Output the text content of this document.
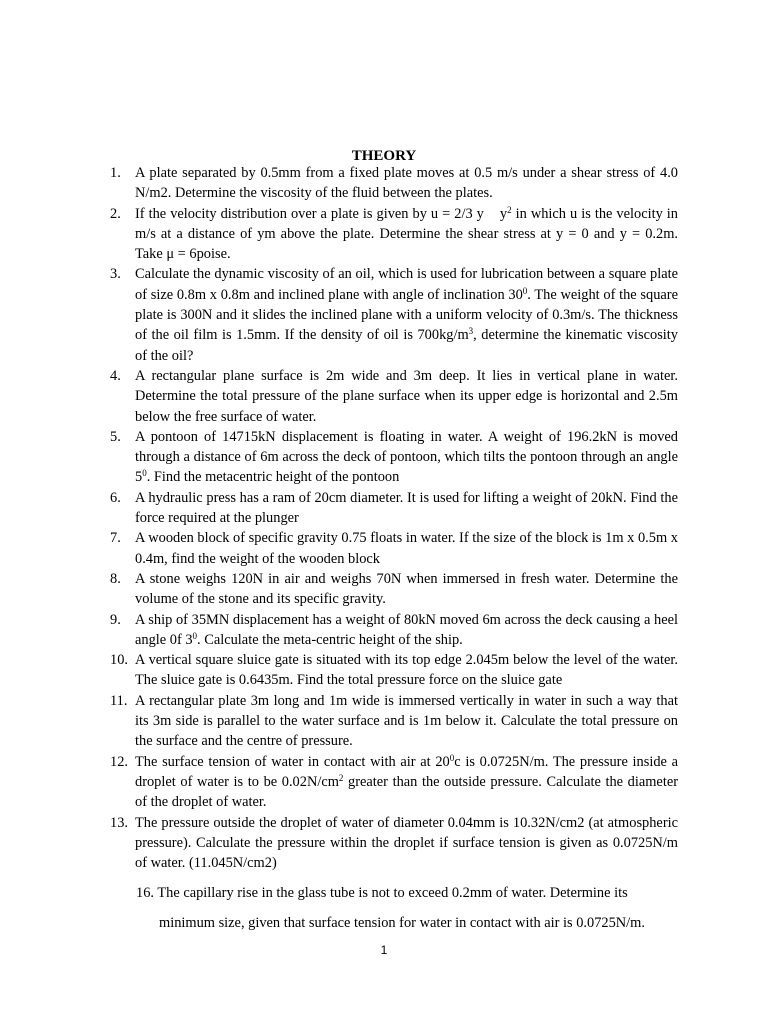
THEORY
1. A plate separated by 0.5mm from a fixed plate moves at 0.5 m/s under a shear stress of 4.0 N/m2. Determine the viscosity of the fluid between the plates.

2. If the velocity distribution over a plate is given by u = 2/3 y    $y^2$ in which u is the velocity in m/s at a distance of ym above the plate. Determine the shear stress at y = 0 and y = 0.2m. Take μ = 6poise.

3. Calculate the dynamic viscosity of an oil, which is used for lubrication between a square plate of size 0.8m x 0.8m and inclined plane with angle of inclination $30^0$. The weight of the square plate is 300N and it slides the inclined plane with a uniform velocity of 0.3m/s. The thickness of the oil film is 1.5mm. If the density of oil is $700kg/m^3$, determine the kinematic viscosity of the oil?

4. A rectangular plane surface is 2m wide and 3m deep. It lies in vertical plane in water. Determine the total pressure of the plane surface when its upper edge is horizontal and 2.5m below the free surface of water.

5. A pontoon of 14715kN displacement is floating in water. A weight of 196.2kN is moved through a distance of 6m across the deck of pontoon, which tilts the pontoon through an angle $5^0$. Find the metacentric height of the pontoon

6. A hydraulic press has a ram of 20cm diameter. It is used for lifting a weight of 20kN. Find the force required at the plunger

7. A wooden block of specific gravity 0.75 floats in water. If the size of the block is 1m x 0.5m x 0.4m, find the weight of the wooden block

8. A stone weighs 120N in air and weighs 70N when immersed in fresh water. Determine the volume of the stone and its specific gravity.

9. A ship of 35MN displacement has a weight of 80kN moved 6m across the deck causing a heel angle 0f $3^0$. Calculate the meta-centric height of the ship.

10. A vertical square sluice gate is situated with its top edge 2.045m below the level of the water. The sluice gate is 0.6435m. Find the total pressure force on the sluice gate

11. A rectangular plate 3m long and 1m wide is immersed vertically in water in such a way that its 3m side is parallel to the water surface and is 1m below it. Calculate the total pressure on the surface and the centre of pressure.

12. The surface tension of water in contact with air at $20^0c$ is 0.0725N/m. The pressure inside a droplet of water is to be $0.02N/cm^2$ greater than the outside pressure. Calculate the diameter of the droplet of water.

13. The pressure outside the droplet of water of diameter 0.04mm is 10.32N/cm2 (at atmospheric pressure). Calculate the pressure within the droplet if surface tension is given as 0.0725N/m of water. (11.045N/cm2)

16. The capillary rise in the glass tube is not to exceed 0.2mm of water. Determine its
minimum size, given that surface tension for water in contact with air is 0.0725N/m.
1
